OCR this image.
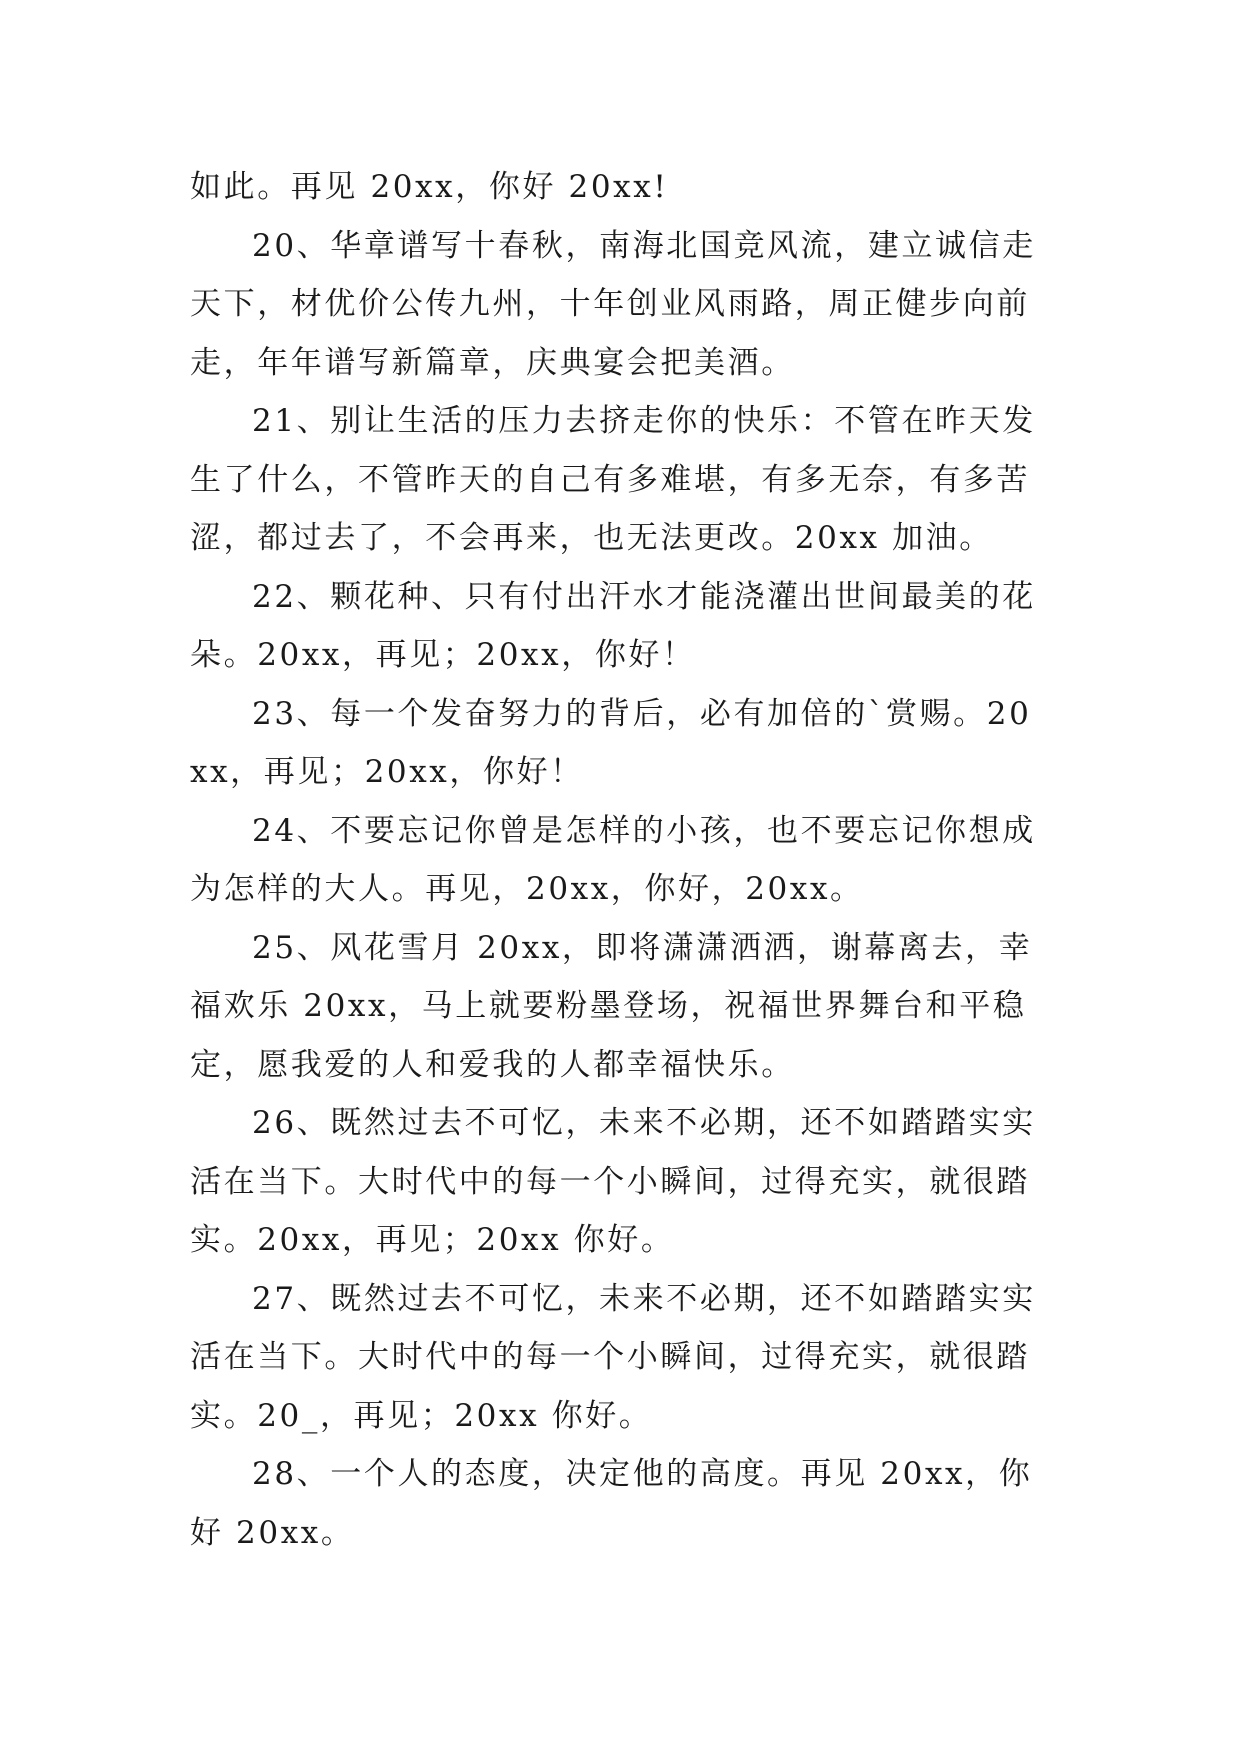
如此。再见 20xx，你好 20xx!

20、华章谱写十春秋，南海北国竞风流，建立诚信走天下，材优价公传九州，十年创业风雨路，周正健步向前走，年年谱写新篇章，庆典宴会把美酒。

21、别让生活的压力去挤走你的快乐：不管在昨天发生了什么，不管昨天的自己有多难堪，有多无奈，有多苦涩，都过去了，不会再来，也无法更改。20xx 加油。

22、颗花种、只有付出汗水才能浇灌出世间最美的花朵。20xx，再见；20xx，你好！

23、每一个发奋努力的背后，必有加倍的`赏赐。20xx，再见；20xx，你好！

24、不要忘记你曾是怎样的小孩，也不要忘记你想成为怎样的大人。再见，20xx，你好，20xx。

25、风花雪月 20xx，即将潇潇洒洒，谢幕离去，幸福欢乐 20xx，马上就要粉墨登场，祝福世界舞台和平稳定，愿我爱的人和爱我的人都幸福快乐。

26、既然过去不可忆，未来不必期，还不如踏踏实实活在当下。大时代中的每一个小瞬间，过得充实，就很踏实。20xx，再见；20xx 你好。

27、既然过去不可忆，未来不必期，还不如踏踏实实活在当下。大时代中的每一个小瞬间，过得充实，就很踏实。20_，再见；20xx 你好。

28、一个人的态度，决定他的高度。再见 20xx，你好 20xx。
